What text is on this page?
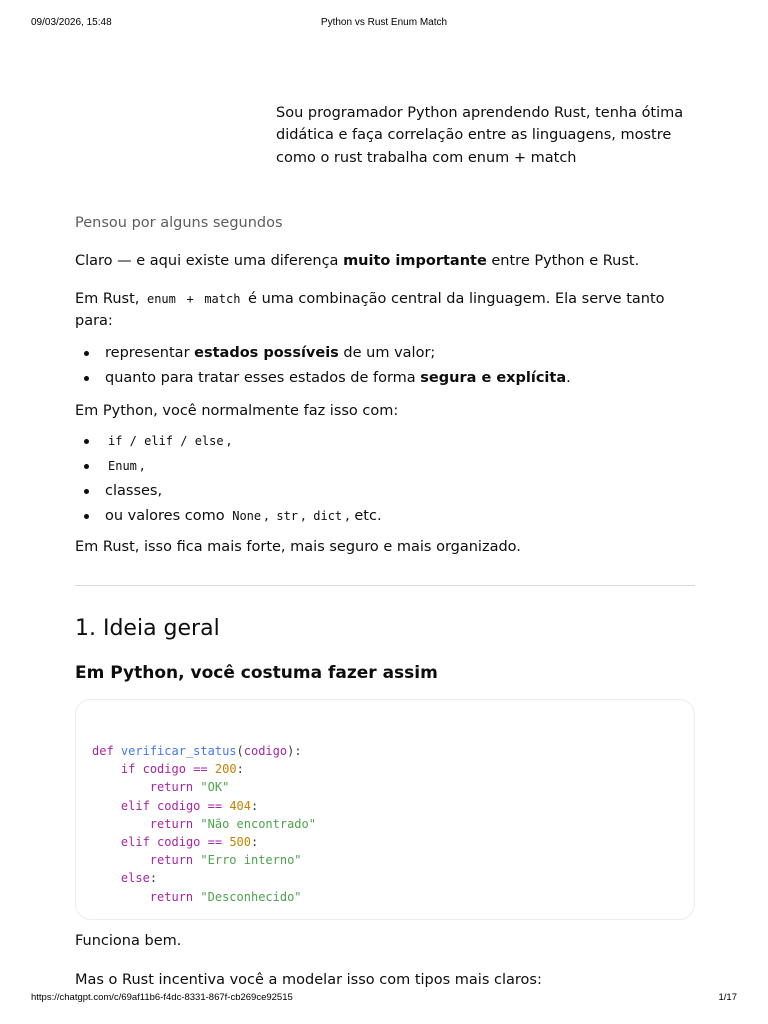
09/03/2026, 15:48	Python vs Rust Enum Match
Sou programador Python aprendendo Rust, tenha ótima
didática e faça correlação entre as linguagens, mostre
como o rust trabalha com enum + match
Pensou por alguns segundos

Claro — e aqui existe uma diferença muito importante entre Python e Rust.

Em Rust, enum + match é uma combinação central da linguagem. Ela serve tanto para:

representar estados possíveis de um valor;
quanto para tratar esses estados de forma segura e explícita.

Em Python, você normalmente faz isso com:

if / elif / else ,
Enum ,
classes,
ou valores como None , str , dict , etc.

Em Rust, isso fica mais forte, mais seguro e mais organizado.

1. Ideia geral
Em Python, você costuma fazer assim
def verificar_status(codigo):
if codigo == 200:
return "OK"
elif codigo == 404:
return "Não encontrado"
elif codigo == 500:
return "Erro interno"
else:
return "Desconhecido"

Funciona bem.

Mas o Rust incentiva você a modelar isso com tipos mais claros:

https://chatgpt.com/c/69af11b6-f4dc-8331-867f-cb269ce92515	1/17
